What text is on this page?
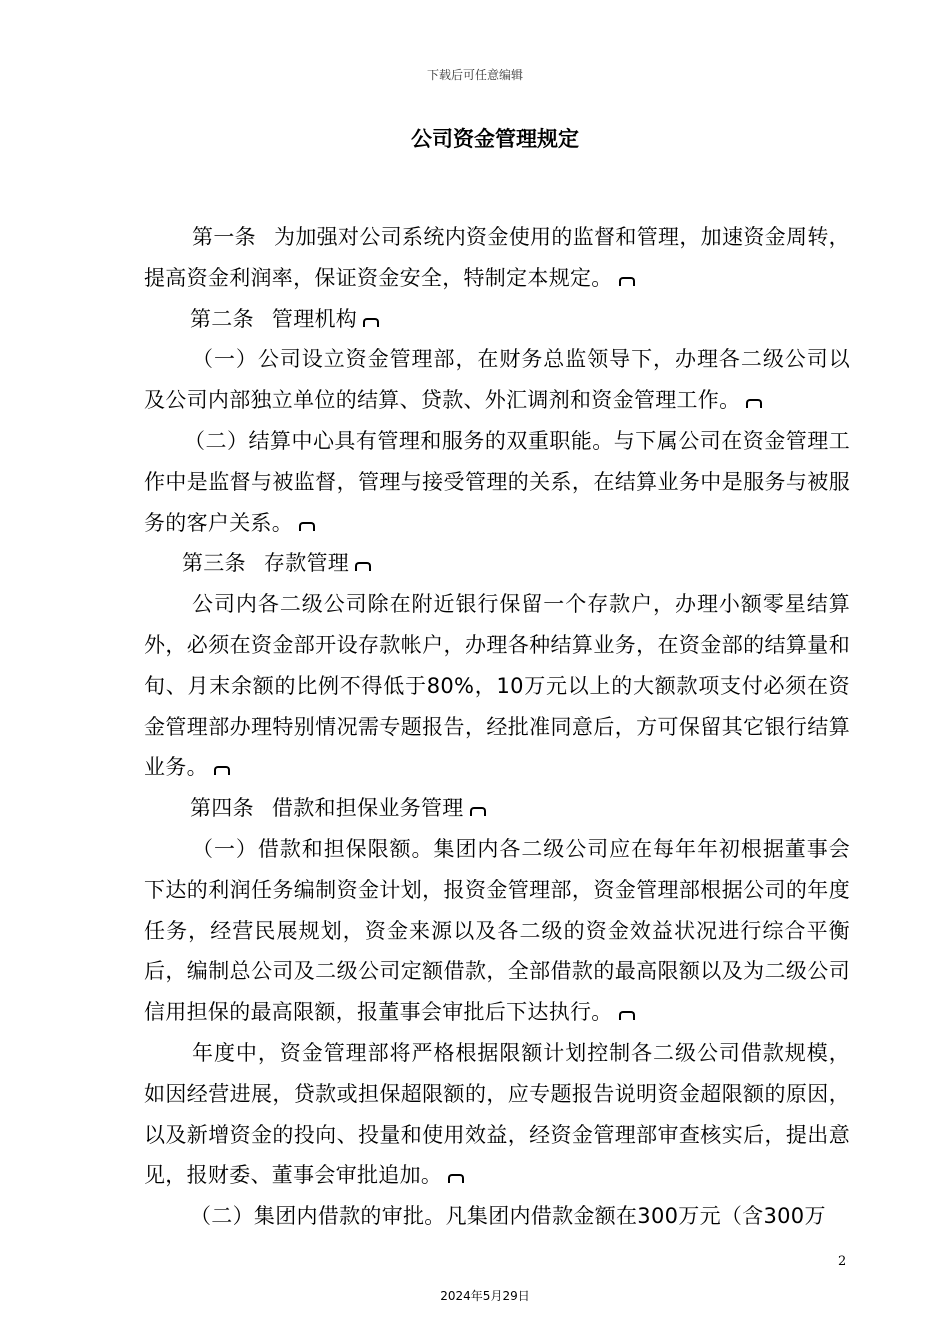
下载后可任意编辑
公司资金管理规定

第一条 为加强对公司系统内资金使用的监督和管理，加速资金周转，提高资金利润率，保证资金安全，特制定本规定。

第二条 管理机构

（一）公司设立资金管理部，在财务总监领导下，办理各二级公司以及公司内部独立单位的结算、贷款、外汇调剂和资金管理工作。

（二）结算中心具有管理和服务的双重职能。与下属公司在资金管理工作中是监督与被监督，管理与接受管理的关系，在结算业务中是服务与被服务的客户关系。

第三条 存款管理

公司内各二级公司除在附近银行保留一个存款户，办理小额零星结算外，必须在资金部开设存款帐户，办理各种结算业务，在资金部的结算量和旬、月末余额的比例不得低于80%，10万元以上的大额款项支付必须在资金管理部办理特别情况需专题报告，经批准同意后，方可保留其它银行结算业务。

第四条 借款和担保业务管理

（一）借款和担保限额。集团内各二级公司应在每年年初根据董事会下达的利润任务编制资金计划，报资金管理部，资金管理部根据公司的年度任务，经营民展规划，资金来源以及各二级的资金效益状况进行综合平衡后，编制总公司及二级公司定额借款，全部借款的最高限额以及为二级公司信用担保的最高限额，报董事会审批后下达执行。

年度中，资金管理部将严格根据限额计划控制各二级公司借款规模，如因经营进展，贷款或担保超限额的，应专题报告说明资金超限额的原因，以及新增资金的投向、投量和使用效益，经资金管理部审查核实后，提出意见，报财委、董事会审批追加。

（二）集团内借款的审批。凡集团内借款金额在300万元（含300万

2
2024年5月29日
